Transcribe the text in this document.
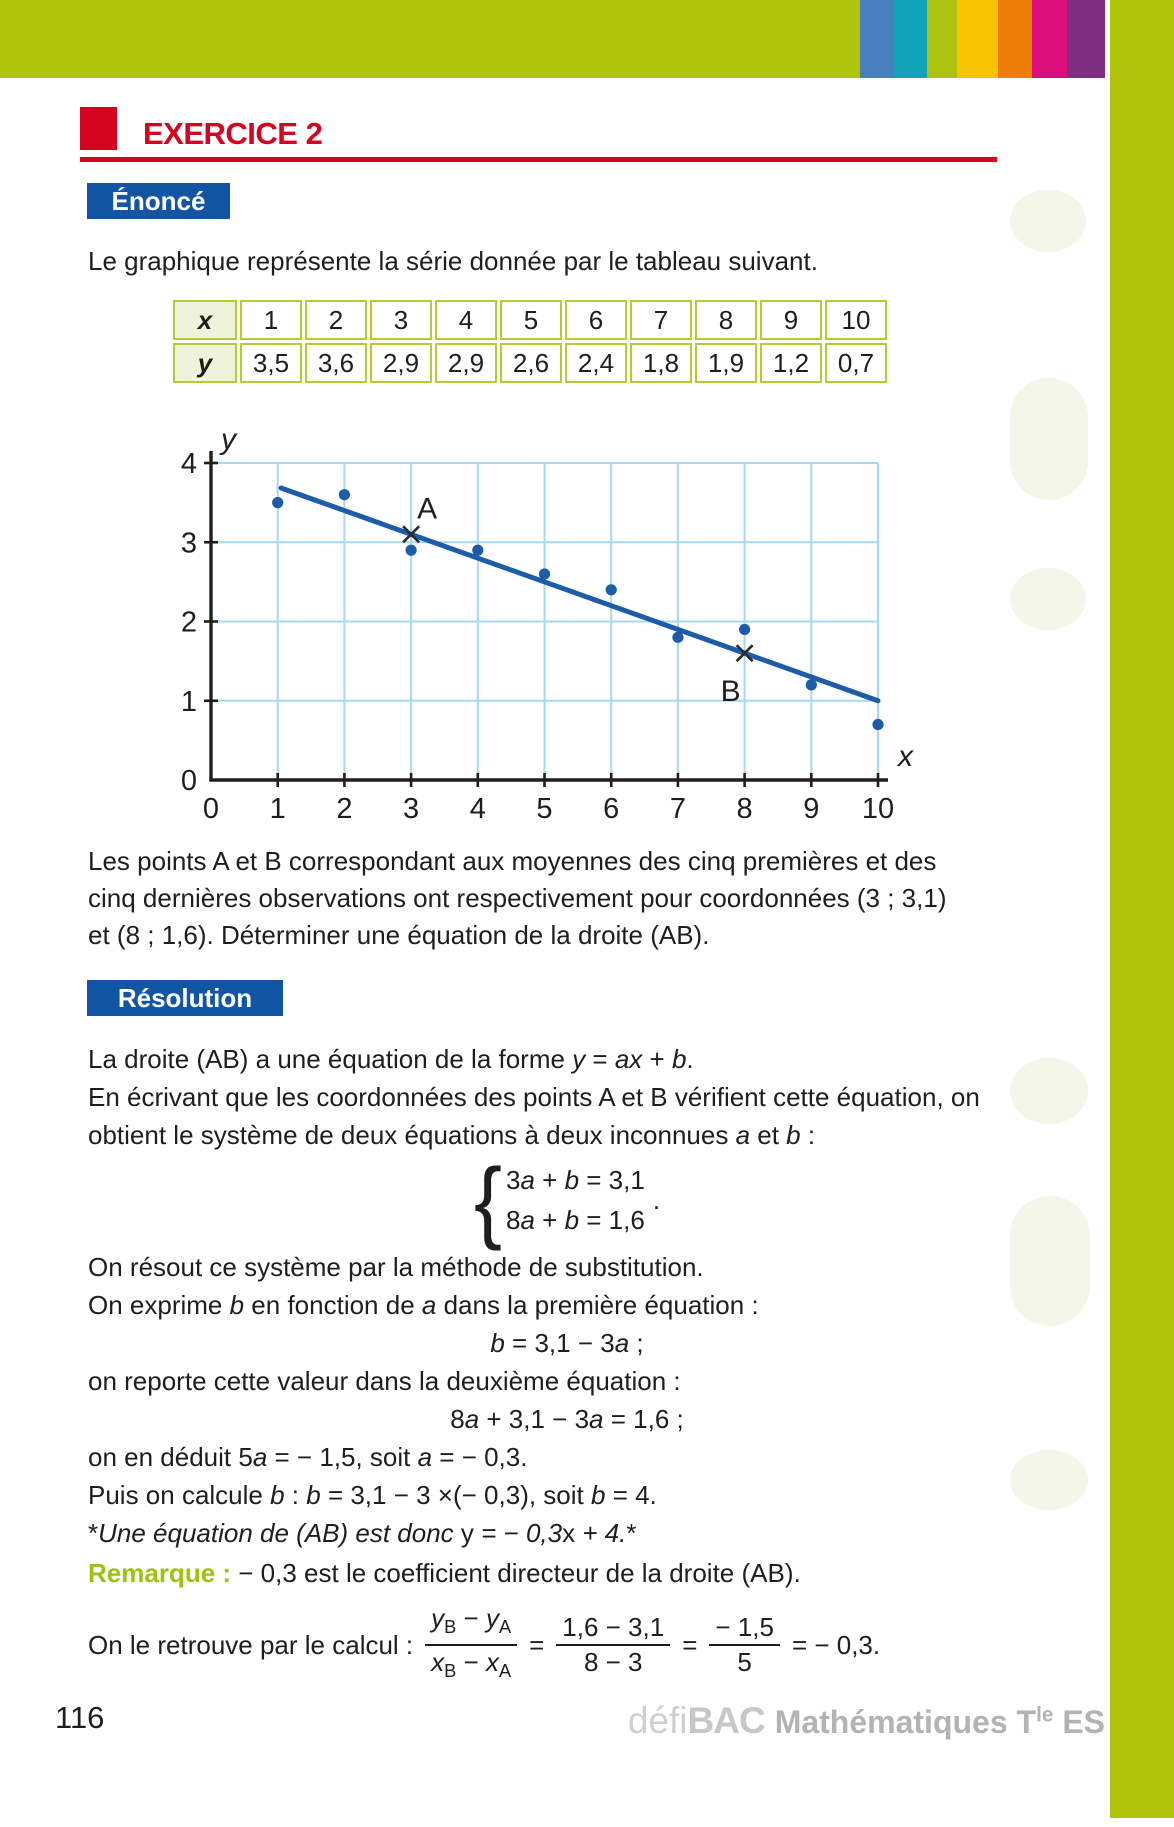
EXERCICE 2
Énoncé
Le graphique représente la série donnée par le tableau suivant.
x	1	2	3	4	5	6	7	8	9	10
y	3,5	3,6	2,9	2,9	2,6	2,4	1,8	1,9	1,2	0,7
A
B
0 1 2 3 4 5 6 7 8 9 10
0
1
2
3
4
y
x
Les points A et B correspondant aux moyennes des cinq premières et des cinq dernières observations ont respectivement pour coordonnées (3 ; 3,1) et (8 ; 1,6). Déterminer une équation de la droite (AB).
Résolution
La droite (AB) a une équation de la forme y = ax + b.
En écrivant que les coordonnées des points A et B vérifient cette équation, on obtient le système de deux équations à deux inconnues a et b :
{ 3a + b = 3,1
8a + b = 1,6
.
On résout ce système par la méthode de substitution.
On exprime b en fonction de a dans la première équation :
b = 3,1 − 3a ;
on reporte cette valeur dans la deuxième équation :
8a + 3,1 − 3a = 1,6 ;
on en déduit 5a = − 1,5, soit a = − 0,3.
Puis on calcule b : b = 3,1 − 3 ×(− 0,3), soit b = 4.
*Une équation de (AB) est donc y = − 0,3x + 4.*
Remarque : − 0,3 est le coefficient directeur de la droite (AB).
On le retrouve par le calcul : $\frac{y_B - y_A}{x_B - x_A} = \frac{1,6 - 3,1}{8 - 3} = \frac{- 1,5}{5}$ = − 0,3.
116	défiBAC Mathématiques $T^{le}$ ES
